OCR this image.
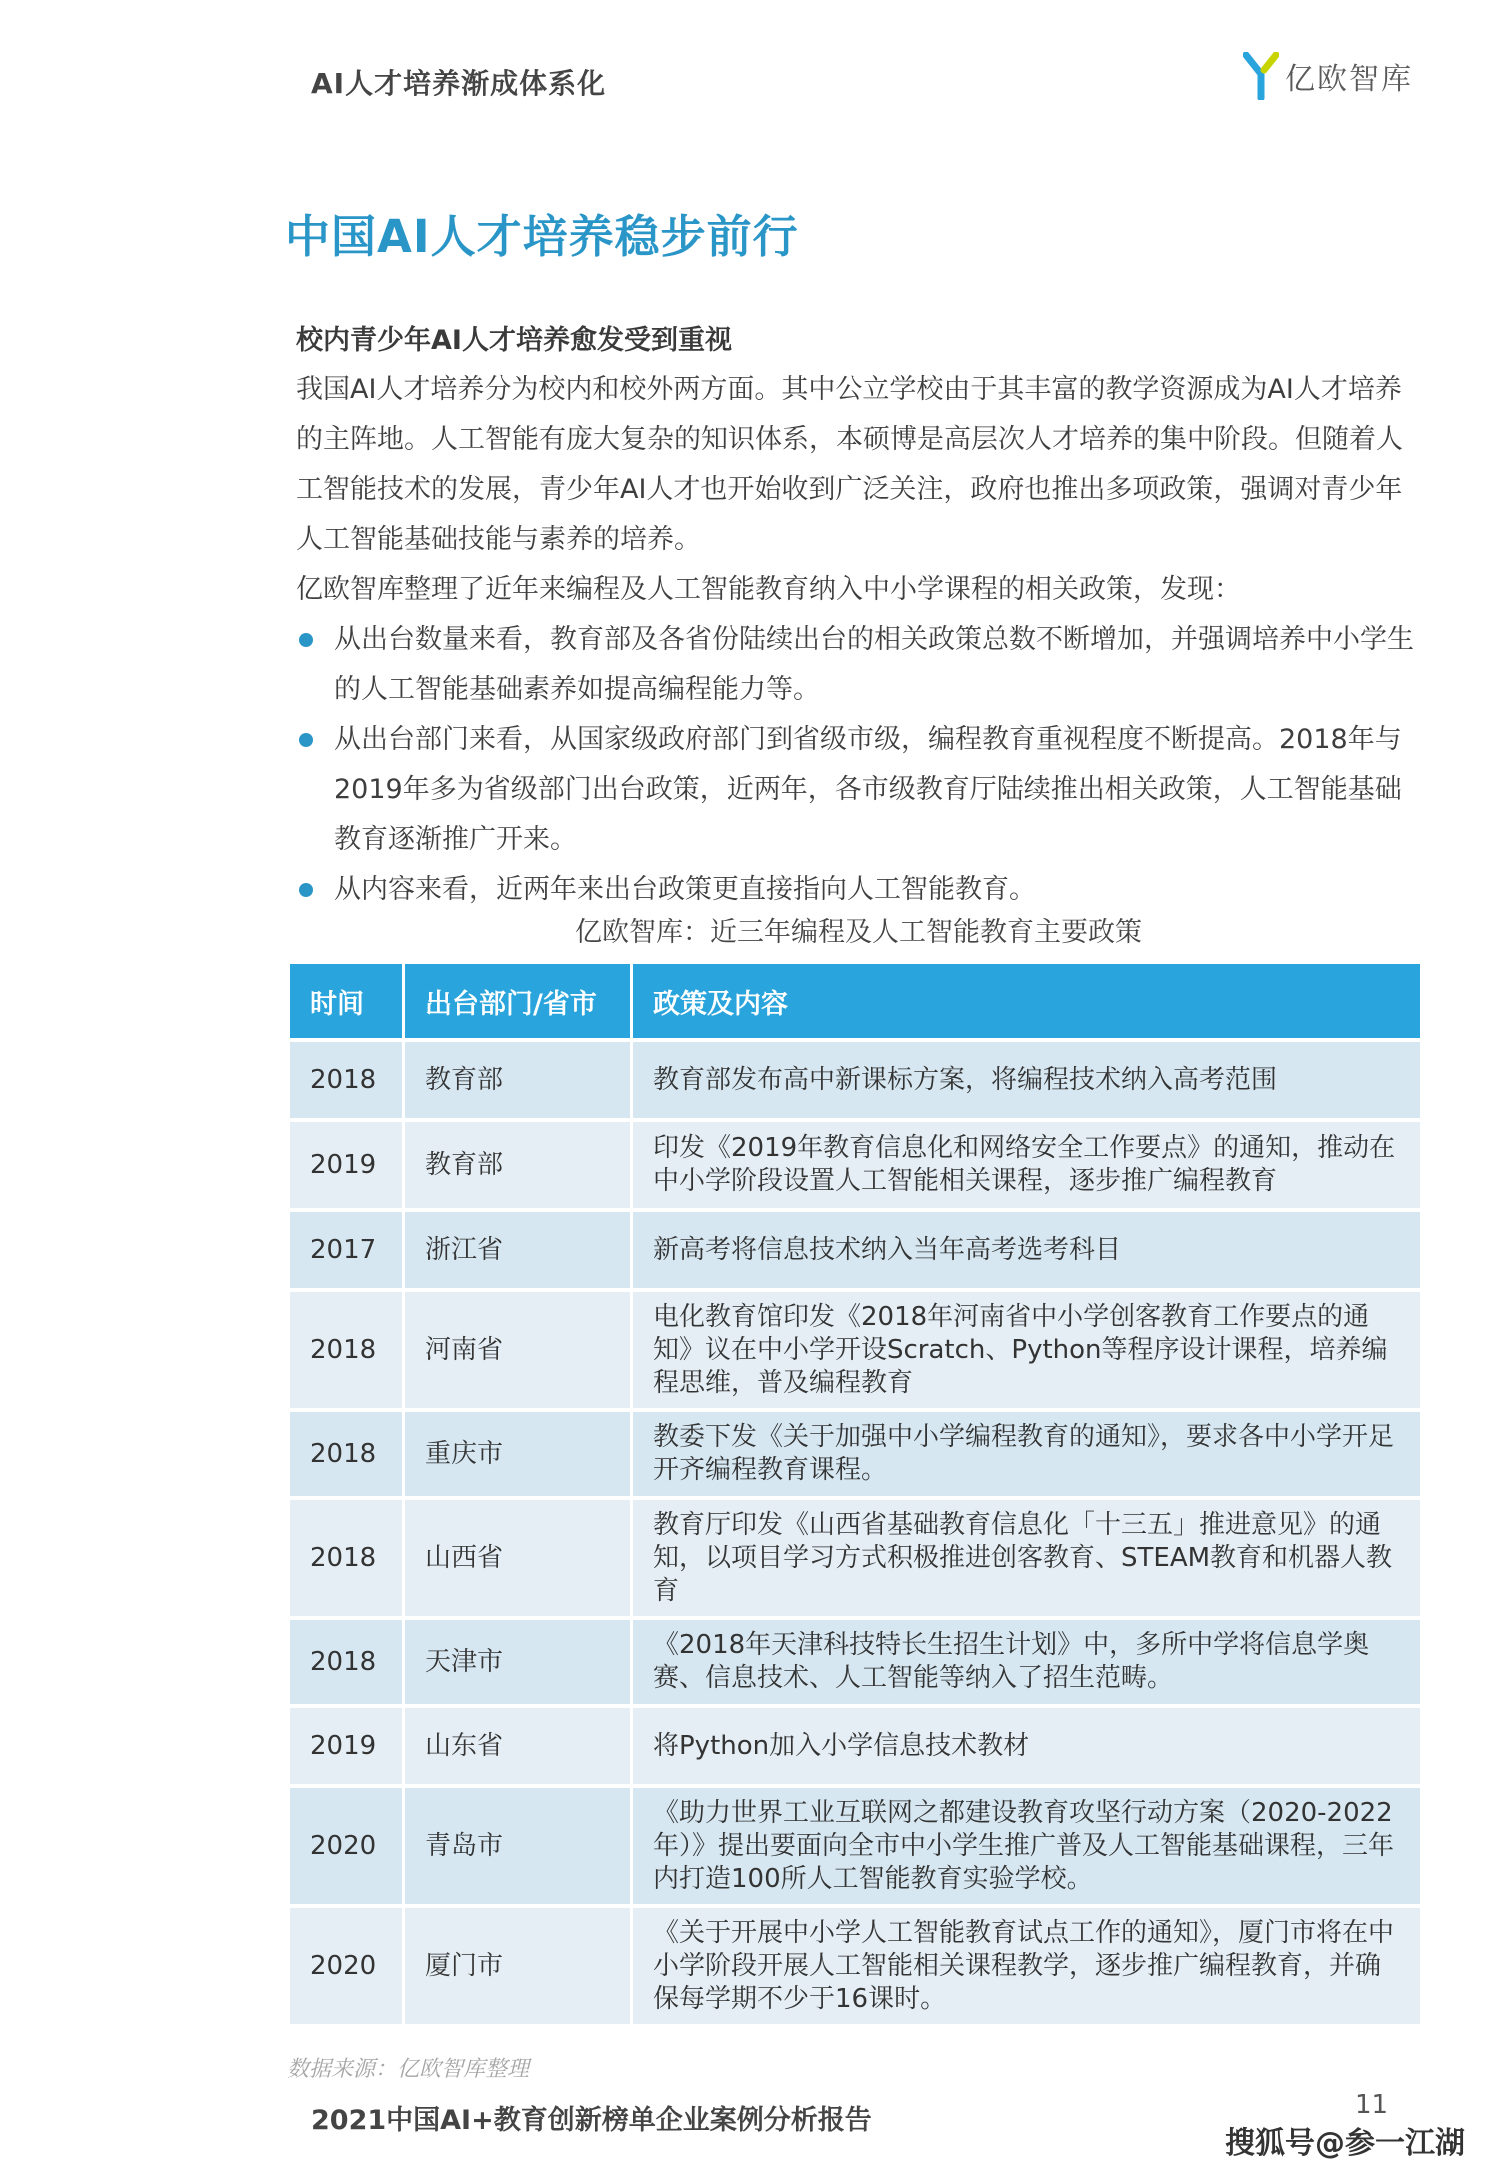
AI人才培养渐成体系化	亿欧智库
中国AI人才培养稳步前行
校内青少年AI人才培养愈发受到重视
我国AI人才培养分为校内和校外两方面。其中公立学校由于其丰富的教学资源成为AI人才培养的主阵地。人工智能有庞大复杂的知识体系，本硕博是高层次人才培养的集中阶段。但随着人工智能技术的发展，青少年AI人才也开始收到广泛关注，政府也推出多项政策，强调对青少年人工智能基础技能与素养的培养。
亿欧智库整理了近年来编程及人工智能教育纳入中小学课程的相关政策，发现：
从出台数量来看，教育部及各省份陆续出台的相关政策总数不断增加，并强调培养中小学生的人工智能基础素养如提高编程能力等。
从出台部门来看，从国家级政府部门到省级市级，编程教育重视程度不断提高。2018年与2019年多为省级部门出台政策，近两年，各市级教育厅陆续推出相关政策，人工智能基础教育逐渐推广开来。
从内容来看，近两年来出台政策更直接指向人工智能教育。
亿欧智库：近三年编程及人工智能教育主要政策
时间	出台部门/省市	政策及内容
2018	教育部	教育部发布高中新课标方案，将编程技术纳入高考范围
2019	教育部	印发《2019年教育信息化和网络安全工作要点》的通知，推动在中小学阶段设置人工智能相关课程，逐步推广编程教育
2017	浙江省	新高考将信息技术纳入当年高考选考科目
2018	河南省	电化教育馆印发《2018年河南省中小学创客教育工作要点的通知》议在中小学开设Scratch、Python等程序设计课程，培养编程思维，普及编程教育
2018	重庆市	教委下发《关于加强中小学编程教育的通知》，要求各中小学开足开齐编程教育课程。
2018	山西省	教育厅印发《山西省基础教育信息化「十三五」推进意见》的通知，以项目学习方式积极推进创客教育、STEAM教育和机器人教育
2018	天津市	《2018年天津科技特长生招生计划》中，多所中学将信息学奥赛、信息技术、人工智能等纳入了招生范畴。
2019	山东省	将Python加入小学信息技术教材
2020	青岛市	《助力世界工业互联网之都建设教育攻坚行动方案（2020-2022年）》提出要面向全市中小学生推广普及人工智能基础课程，三年内打造100所人工智能教育实验学校。
2020	厦门市	《关于开展中小学人工智能教育试点工作的通知》，厦门市将在中小学阶段开展人工智能相关课程教学，逐步推广编程教育，并确保每学期不少于16课时。
数据来源：亿欧智库整理
2021中国AI+教育创新榜单企业案例分析报告	11
搜狐号@参一江湖
